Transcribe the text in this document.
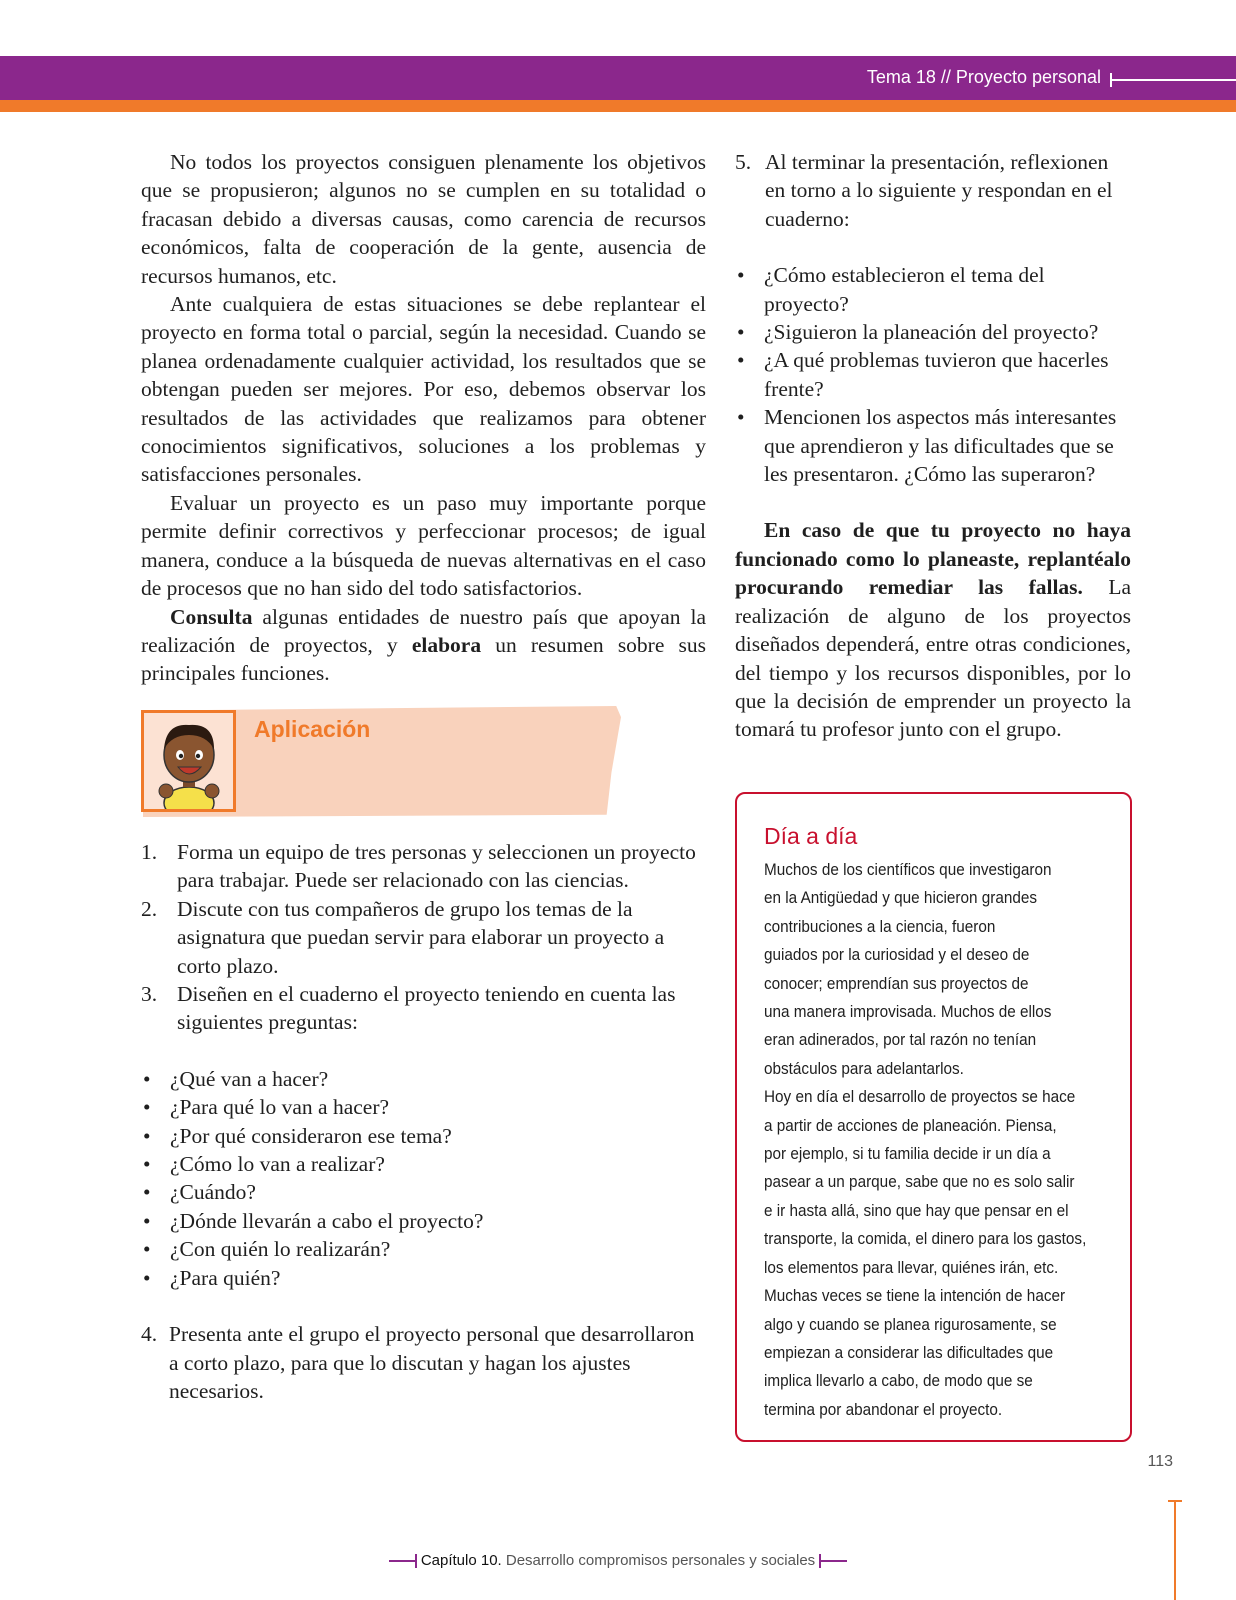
Tema 18 // Proyecto personal

No todos los proyectos consiguen plenamente los objetivos que se propusieron; algunos no se cumplen en su totalidad o fracasan debido a diversas causas, como carencia de recursos económicos, falta de cooperación de la gente, ausencia de recursos humanos, etc.

Ante cualquiera de estas situaciones se debe replantear el proyecto en forma total o parcial, según la necesidad. Cuando se planea ordenadamente cualquier actividad, los resultados que se obtengan pueden ser mejores. Por eso, debemos observar los resultados de las actividades que realizamos para obtener conocimientos significativos, soluciones a los problemas y satisfacciones personales.

Evaluar un proyecto es un paso muy importante porque permite definir correctivos y perfeccionar procesos; de igual manera, conduce a la búsqueda de nuevas alternativas en el caso de procesos que no han sido del todo satisfactorios.

Consulta algunas entidades de nuestro país que apoyan la realización de proyectos, y elabora un resumen sobre sus principales funciones.

Aplicación
1. Forma un equipo de tres personas y seleccionen un proyecto para trabajar. Puede ser relacionado con las ciencias.
2. Discute con tus compañeros de grupo los temas de la asignatura que puedan servir para elaborar un proyecto a corto plazo.
3. Diseñen en el cuaderno el proyecto teniendo en cuenta las siguientes preguntas:
• ¿Qué van a hacer?
• ¿Para qué lo van a hacer?
• ¿Por qué consideraron ese tema?
• ¿Cómo lo van a realizar?
• ¿Cuándo?
• ¿Dónde llevarán a cabo el proyecto?
• ¿Con quién lo realizarán?
• ¿Para quién?
4. Presenta ante el grupo el proyecto personal que desarrollaron a corto plazo, para que lo discutan y hagan los ajustes necesarios.
5. Al terminar la presentación, reflexionen en torno a lo siguiente y respondan en el cuaderno:
• ¿Cómo establecieron el tema del proyecto?
• ¿Siguieron la planeación del proyecto?
• ¿A qué problemas tuvieron que hacerles frente?
• Mencionen los aspectos más interesantes que aprendieron y las dificultades que se les presentaron. ¿Cómo las superaron?

En caso de que tu proyecto no haya funcionado como lo planeaste, replantéalo procurando remediar las fallas. La realización de alguno de los proyectos diseñados dependerá, entre otras condiciones, del tiempo y los recursos disponibles, por lo que la decisión de emprender un proyecto la tomará tu profesor junto con el grupo.

Día a día
Muchos de los científicos que investigaron
en la Antigüedad y que hicieron grandes
contribuciones a la ciencia, fueron
guiados por la curiosidad y el deseo de
conocer; emprendían sus proyectos de
una manera improvisada. Muchos de ellos
eran adinerados, por tal razón no tenían
obstáculos para adelantarlos.
Hoy en día el desarrollo de proyectos se hace
a partir de acciones de planeación. Piensa,
por ejemplo, si tu familia decide ir un día a
pasear a un parque, sabe que no es solo salir
e ir hasta allá, sino que hay que pensar en el
transporte, la comida, el dinero para los gastos,
los elementos para llevar, quiénes irán, etc.
Muchas veces se tiene la intención de hacer
algo y cuando se planea rigurosamente, se
empiezan a considerar las dificultades que
implica llevarlo a cabo, de modo que se
termina por abandonar el proyecto.
113
Capítulo 10. Desarrollo compromisos personales y sociales
